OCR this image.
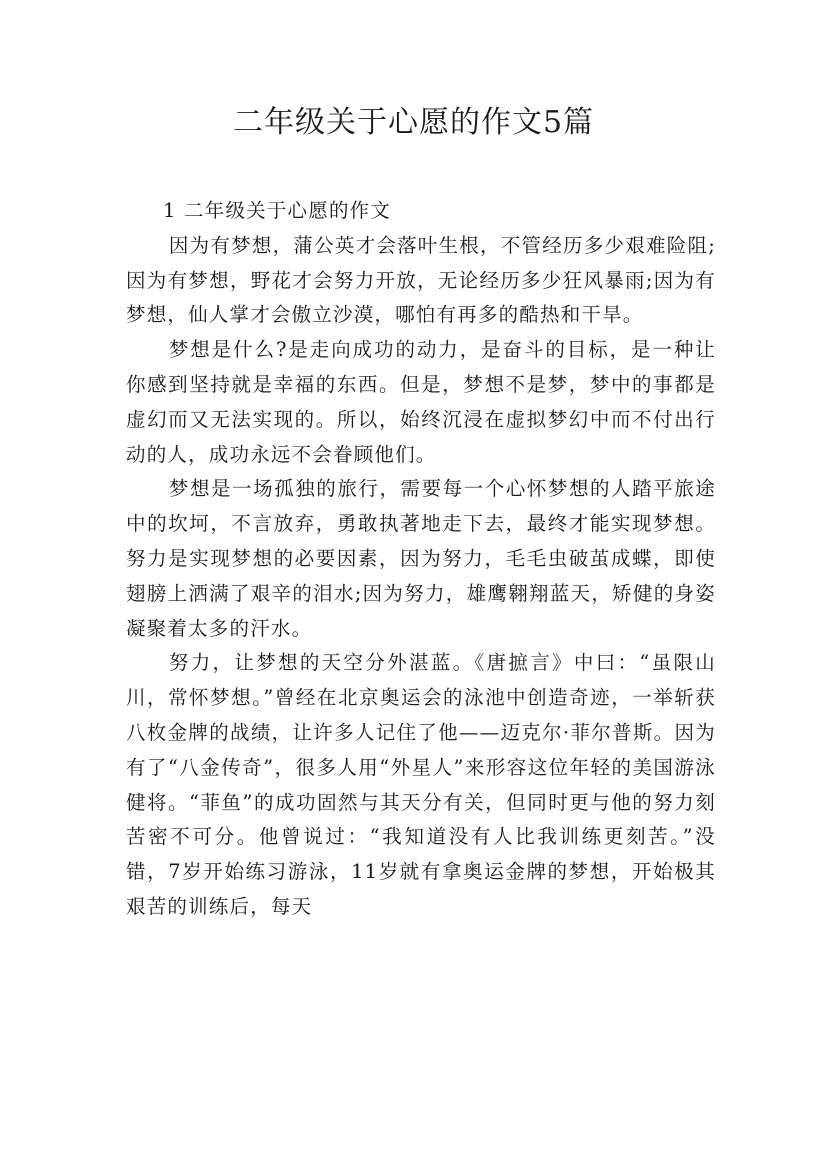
二年级关于心愿的作文5篇

1 二年级关于心愿的作文

因为有梦想，蒲公英才会落叶生根，不管经历多少艰难险阻;因为有梦想，野花才会努力开放，无论经历多少狂风暴雨;因为有梦想，仙人掌才会傲立沙漠，哪怕有再多的酷热和干旱。

梦想是什么?是走向成功的动力，是奋斗的目标，是一种让你感到坚持就是幸福的东西。但是，梦想不是梦，梦中的事都是虚幻而又无法实现的。所以，始终沉浸在虚拟梦幻中而不付出行动的人，成功永远不会眷顾他们。

梦想是一场孤独的旅行，需要每一个心怀梦想的人踏平旅途中的坎坷，不言放弃，勇敢执著地走下去，最终才能实现梦想。努力是实现梦想的必要因素，因为努力，毛毛虫破茧成蝶，即使翅膀上洒满了艰辛的泪水;因为努力，雄鹰翱翔蓝天，矫健的身姿凝聚着太多的汗水。

努力，让梦想的天空分外湛蓝。《唐摭言》中曰：“虽限山川，常怀梦想。”曾经在北京奥运会的泳池中创造奇迹，一举斩获八枚金牌的战绩，让许多人记住了他——迈克尔·菲尔普斯。因为有了“八金传奇”，很多人用“外星人”来形容这位年轻的美国游泳健将。“菲鱼”的成功固然与其天分有关，但同时更与他的努力刻苦密不可分。他曾说过：“我知道没有人比我训练更刻苦。”没错，7岁开始练习游泳，11岁就有拿奥运金牌的梦想，开始极其艰苦的训练后，每天
